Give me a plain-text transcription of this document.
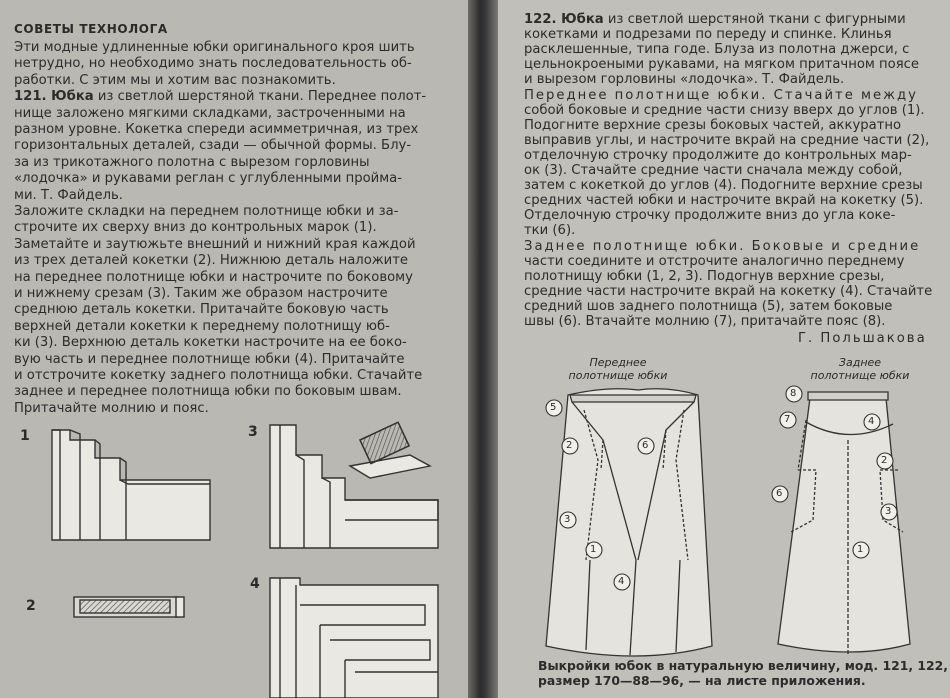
СОВЕТЫ ТЕХНОЛОГА
Эти модные удлиненные юбки оригинального кроя шить
нетрудно, но необходимо знать последовательность об-
работки. С этим мы и хотим вас познакомить.
121. Юбка из светлой шерстяной ткани. Переднее полот-
нище заложено мягкими складками, застроченными на
разном уровне. Кокетка спереди асимметричная, из трех
горизонтальных деталей, сзади — обычной формы. Блу-
за из трикотажного полотна с вырезом горловины
«лодочка» и рукавами реглан с углубленными пройма-
ми. Т. Файдель.
Заложите складки на переднем полотнище юбки и за-
строчите их сверху вниз до контрольных марок (1).
Заметайте и заутюжьте внешний и нижний края каждой
из трех деталей кокетки (2). Нижнюю деталь наложите
на переднее полотнище юбки и настрочите по боковому
и нижнему срезам (3). Таким же образом настрочите
среднюю деталь кокетки. Притачайте боковую часть
верхней детали кокетки к переднему полотнищу юб-
ки (3). Верхнюю деталь кокетки настрочите на ее боко-
вую часть и переднее полотнище юбки (4). Притачайте
и отстрочите кокетку заднего полотнища юбки. Стачайте
заднее и переднее полотнища юбки по боковым швам.
Притачайте молнию и пояс.
1
2
3
4
122. Юбка из светлой шерстяной ткани с фигурными
кокетками и подрезами по переду и спинке. Клинья
расклешенные, типа годе. Блуза из полотна джерси, с
цельнокроеными рукавами, на мягком притачном поясе
и вырезом горловины «лодочка». Т. Файдель.
Переднее полотнище юбки. Стачайте между
собой боковые и средние части снизу вверх до углов (1).
Подогните верхние срезы боковых частей, аккуратно
выправив углы, и настрочите вкрай на средние части (2),
отделочную строчку продолжите до контрольных мар-
ок (3). Стачайте средние части сначала между собой,
затем с кокеткой до углов (4). Подогните верхние срезы
средних частей юбки и настрочите вкрай на кокетку (5).
Отделочную строчку продолжите вниз до угла коке-
тки (6).
Заднее полотнище юбки. Боковые и средние
части соедините и отстрочите аналогично переднему
полотнищу юбки (1, 2, 3). Подогнув верхние срезы,
средние части настрочите вкрай на кокетку (4). Стачайте
средний шов заднего полотнища (5), затем боковые
швы (6). Втачайте молнию (7), притачайте пояс (8).
Г. Польшакова
Переднее
полотнище юбки
Заднее
полотнище юбки
5
2	6
3
1
4
8
7	4
2
6
3
1
Выкройки юбок в натуральную величину, мод. 121, 122,
размер 170—88—96, — на листе приложения.
